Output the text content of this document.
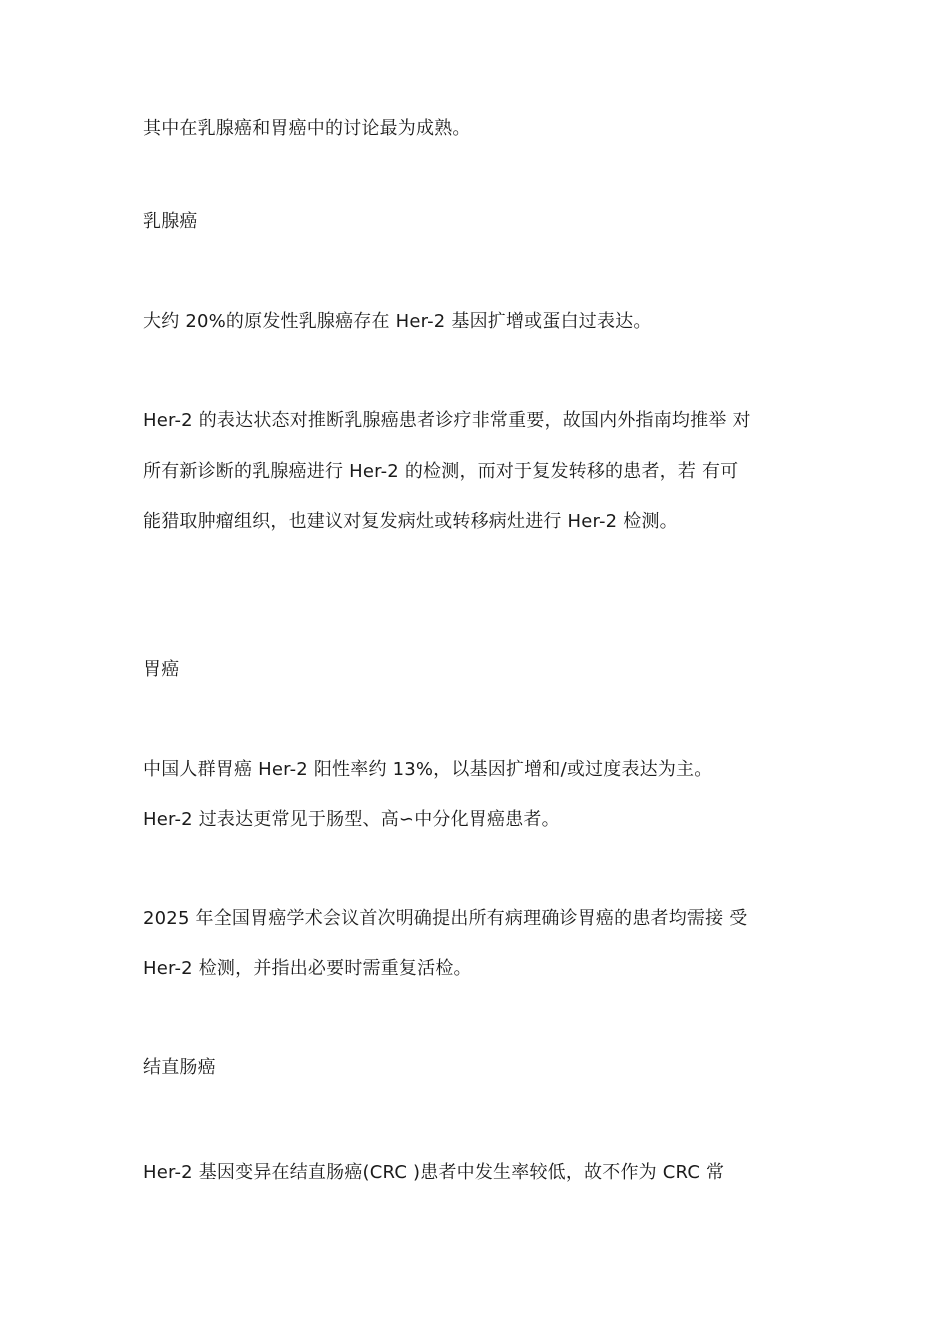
其中在乳腺癌和胃癌中的讨论最为成熟。
乳腺癌
大约 20%的原发性乳腺癌存在 Her-2 基因扩增或蛋白过表达。
Her-2 的表达状态对推断乳腺癌患者诊疗非常重要，故国内外指南均推举 对
所有新诊断的乳腺癌进行 Her-2 的检测，而对于复发转移的患者，若 有可
能猎取肿瘤组织，也建议对复发病灶或转移病灶进行 Her-2 检测。
胃癌
中国人群胃癌 Her-2 阳性率约 13%，以基因扩增和/或过度表达为主。
Her-2 过表达更常见于肠型、高∽中分化胃癌患者。
2025 年全国胃癌学术会议首次明确提出所有病理确诊胃癌的患者均需接 受
Her-2 检测，并指出必要时需重复活检。
结直肠癌
Her-2 基因变异在结直肠癌(CRC )患者中发生率较低，故不作为 CRC 常
